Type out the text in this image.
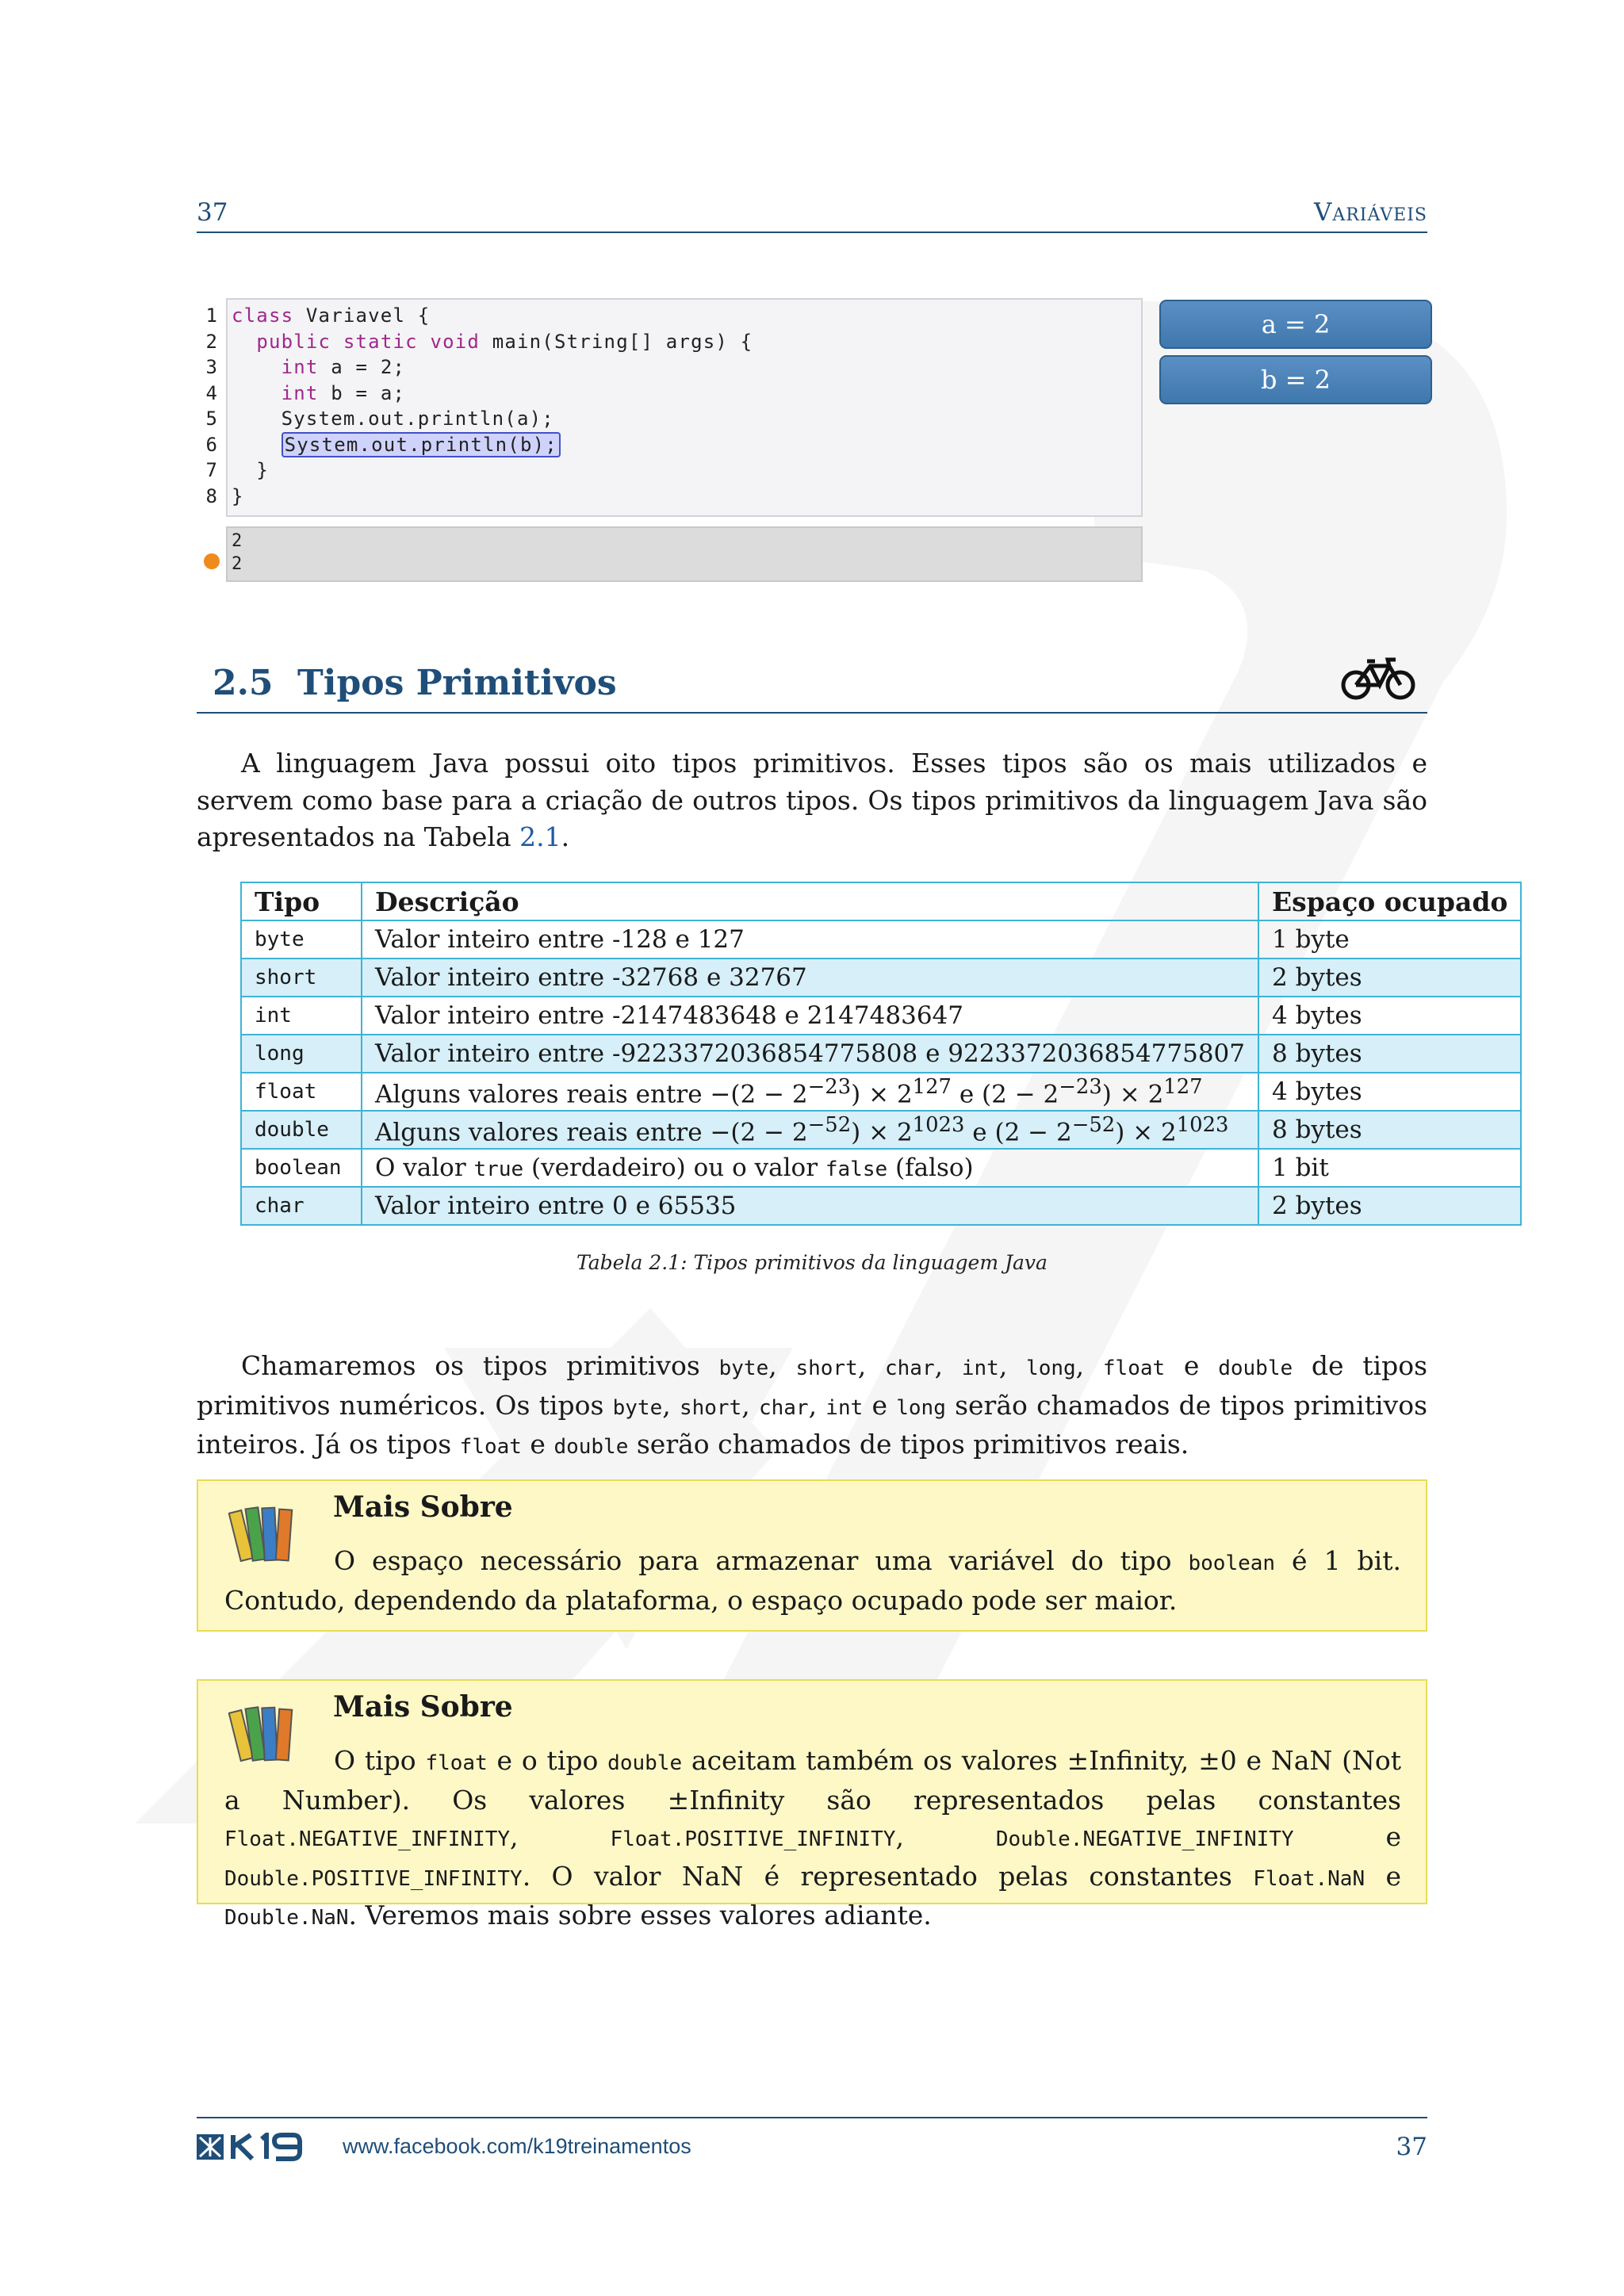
37	Variáveis
1
2
3
4
5
6
7
8
class Variavel {
public static void main(String[] args) {
int a = 2;
int b = a;
System.out.println(a);
System.out.println(b);
}
}
2
2
a = 2
b = 2
2.5 Tipos Primitivos

A linguagem Java possui oito tipos primitivos. Esses tipos são os mais utilizados e servem como base para a criação de outros tipos. Os tipos primitivos da linguagem Java são apresentados na Tabela 2.1.

Tipo	Descrição	Espaço ocupado
byte	Valor inteiro entre -128 e 127	1 byte
short	Valor inteiro entre -32768 e 32767	2 bytes
int	Valor inteiro entre -2147483648 e 2147483647	4 bytes
long	Valor inteiro entre -9223372036854775808 e 9223372036854775807	8 bytes
float	Alguns valores reais entre $-(2 - 2^{-23}) \times 2^{127}$ e $(2 - 2^{-23}) \times 2^{127}$	4 bytes
double	Alguns valores reais entre $-(2 - 2^{-52}) \times 2^{1023}$ e $(2 - 2^{-52}) \times 2^{1023}$	8 bytes
boolean	O valor true (verdadeiro) ou o valor false (falso)	1 bit
char	Valor inteiro entre 0 e 65535	2 bytes
Tabela 2.1: Tipos primitivos da linguagem Java

Chamaremos os tipos primitivos byte, short, char, int, long, float e double de tipos primitivos numéricos. Os tipos byte, short, char, int e long serão chamados de tipos primitivos inteiros. Já os tipos float e double serão chamados de tipos primitivos reais.

Mais Sobre

O espaço necessário para armazenar uma variável do tipo boolean é 1 bit. Contudo, dependendo da plataforma, o espaço ocupado pode ser maior.

Mais Sobre

O tipo float e o tipo double aceitam também os valores ±Infinity, ±0 e NaN (Not a Number). Os valores ±Infinity são representados pelas constantes Float.NEGATIVE_INFINITY, Float.POSITIVE_INFINITY, Double.NEGATIVE_INFINITY e Double.POSITIVE_INFINITY. O valor NaN é representado pelas constantes Float.NaN e Double.NaN. Veremos mais sobre esses valores adiante.

www.facebook.com/k19treinamentos	37
